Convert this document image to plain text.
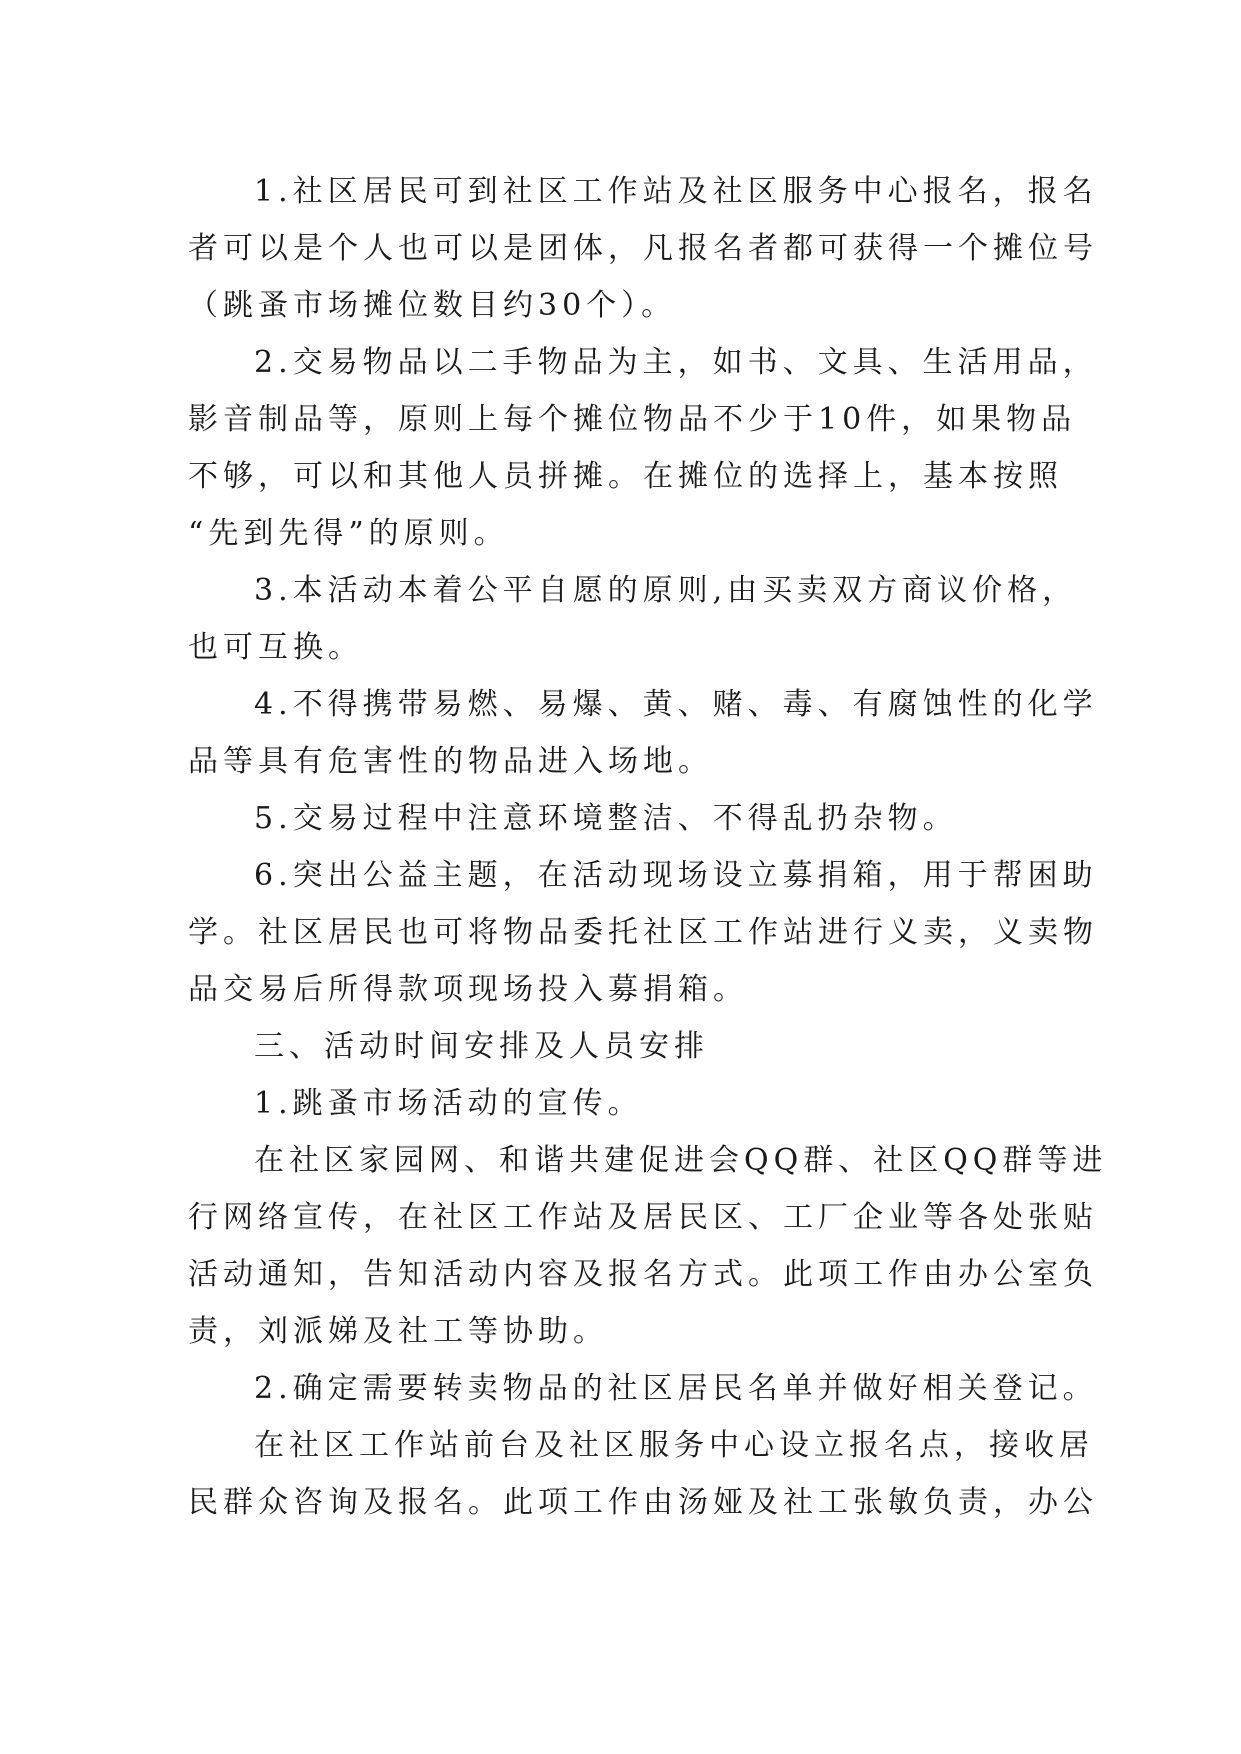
1.社区居民可到社区工作站及社区服务中心报名，报名
者可以是个人也可以是团体，凡报名者都可获得一个摊位号
（跳蚤市场摊位数目约30个）。
2.交易物品以二手物品为主，如书、文具、生活用品，
影音制品等，原则上每个摊位物品不少于10件，如果物品
不够，可以和其他人员拼摊。在摊位的选择上，基本按照
“先到先得”的原则。
3.本活动本着公平自愿的原则,由买卖双方商议价格，
也可互换。
4.不得携带易燃、易爆、黄、赌、毒、有腐蚀性的化学
品等具有危害性的物品进入场地。
5.交易过程中注意环境整洁、不得乱扔杂物。
6.突出公益主题，在活动现场设立募捐箱，用于帮困助
学。社区居民也可将物品委托社区工作站进行义卖，义卖物
品交易后所得款项现场投入募捐箱。
三、活动时间安排及人员安排
1.跳蚤市场活动的宣传。
在社区家园网、和谐共建促进会QQ群、社区QQ群等进
行网络宣传，在社区工作站及居民区、工厂企业等各处张贴
活动通知，告知活动内容及报名方式。此项工作由办公室负
责，刘派娣及社工等协助。
2.确定需要转卖物品的社区居民名单并做好相关登记。
在社区工作站前台及社区服务中心设立报名点，接收居
民群众咨询及报名。此项工作由汤娅及社工张敏负责，办公
